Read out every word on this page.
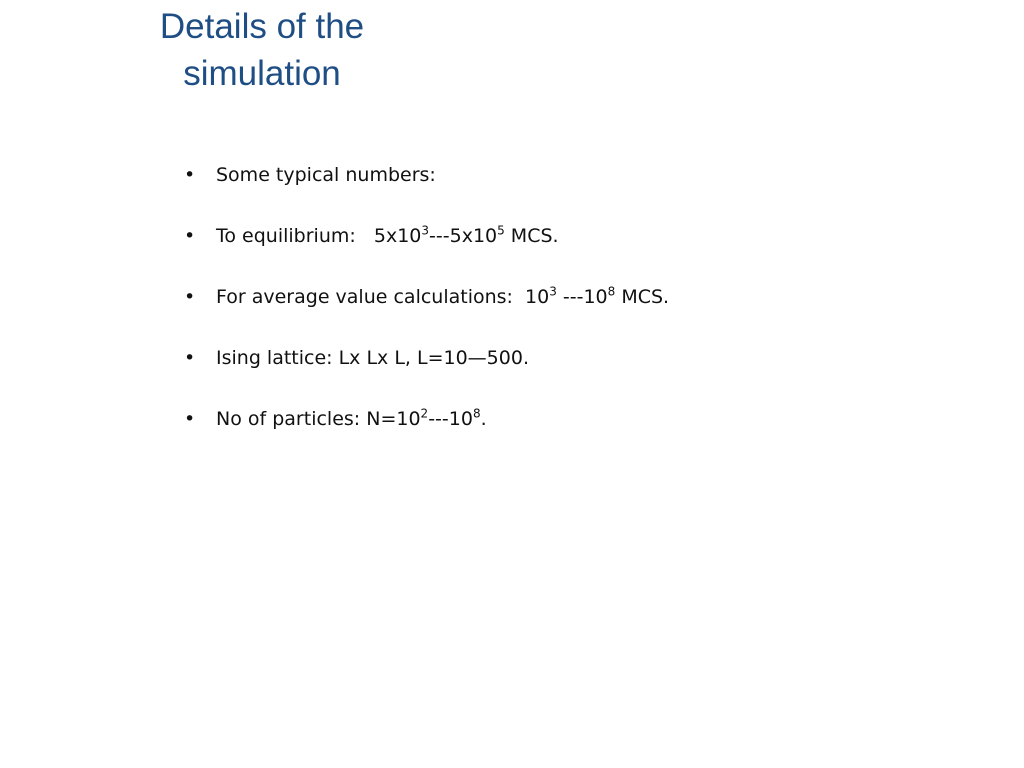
Details of the
simulation
•	Some typical numbers:
•	To equilibrium:   $5x10^3---5x10^5$ MCS.
•	For average value calculations:  $10^3$ $---10^8$ MCS.
•	Ising lattice: Lx Lx L, L=10—500.
•	No of particles: $N=10^2---10^8$.
